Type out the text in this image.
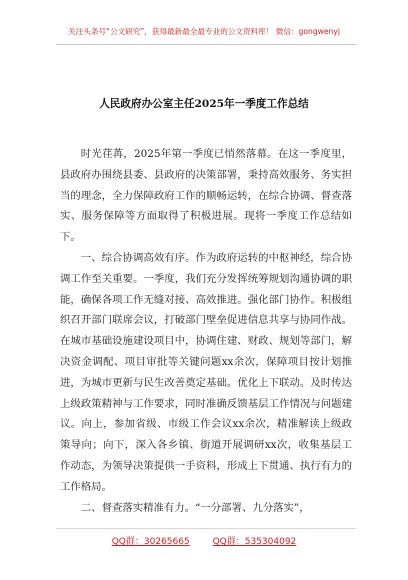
关注头条号“公文研究”，获得最新最全最专业的公文资料库！ 微信：gongwenyj
人民政府办公室主任2025年一季度工作总结

时光荏苒，2025年第一季度已悄然落幕。在这一季度里，县政府办围绕县委、县政府的决策部署，秉持高效服务、务实担当的理念，全力保障政府工作的顺畅运转，在综合协调、督查落实、服务保障等方面取得了积极进展。现将一季度工作总结如下。

一、综合协调高效有序。作为政府运转的中枢神经，综合协调工作至关重要。一季度，我们充分发挥统筹规划沟通协调的职能，确保各项工作无缝对接、高效推进。强化部门协作。积极组织召开部门联席会议，打破部门壁垒促进信息共享与协同作战。在城市基础设施建设项目中，协调住建、财政、规划等部门，解决资金调配、项目审批等关键问题xx余次，保障项目按计划推进，为城市更新与民生改善奠定基础。优化上下联动。及时传达上级政策精神与工作要求，同时准确反馈基层工作情况与问题建议。向上，参加省级、市级工作会议xx余次，精准解读上级政策导向；向下，深入各乡镇、街道开展调研xx次，收集基层工作动态，为领导决策提供一手资料，形成上下贯通、执行有力的工作格局。

二、督查落实精准有力。“一分部署、九分落实”，

QQ群：30265665	QQ群：535304092
